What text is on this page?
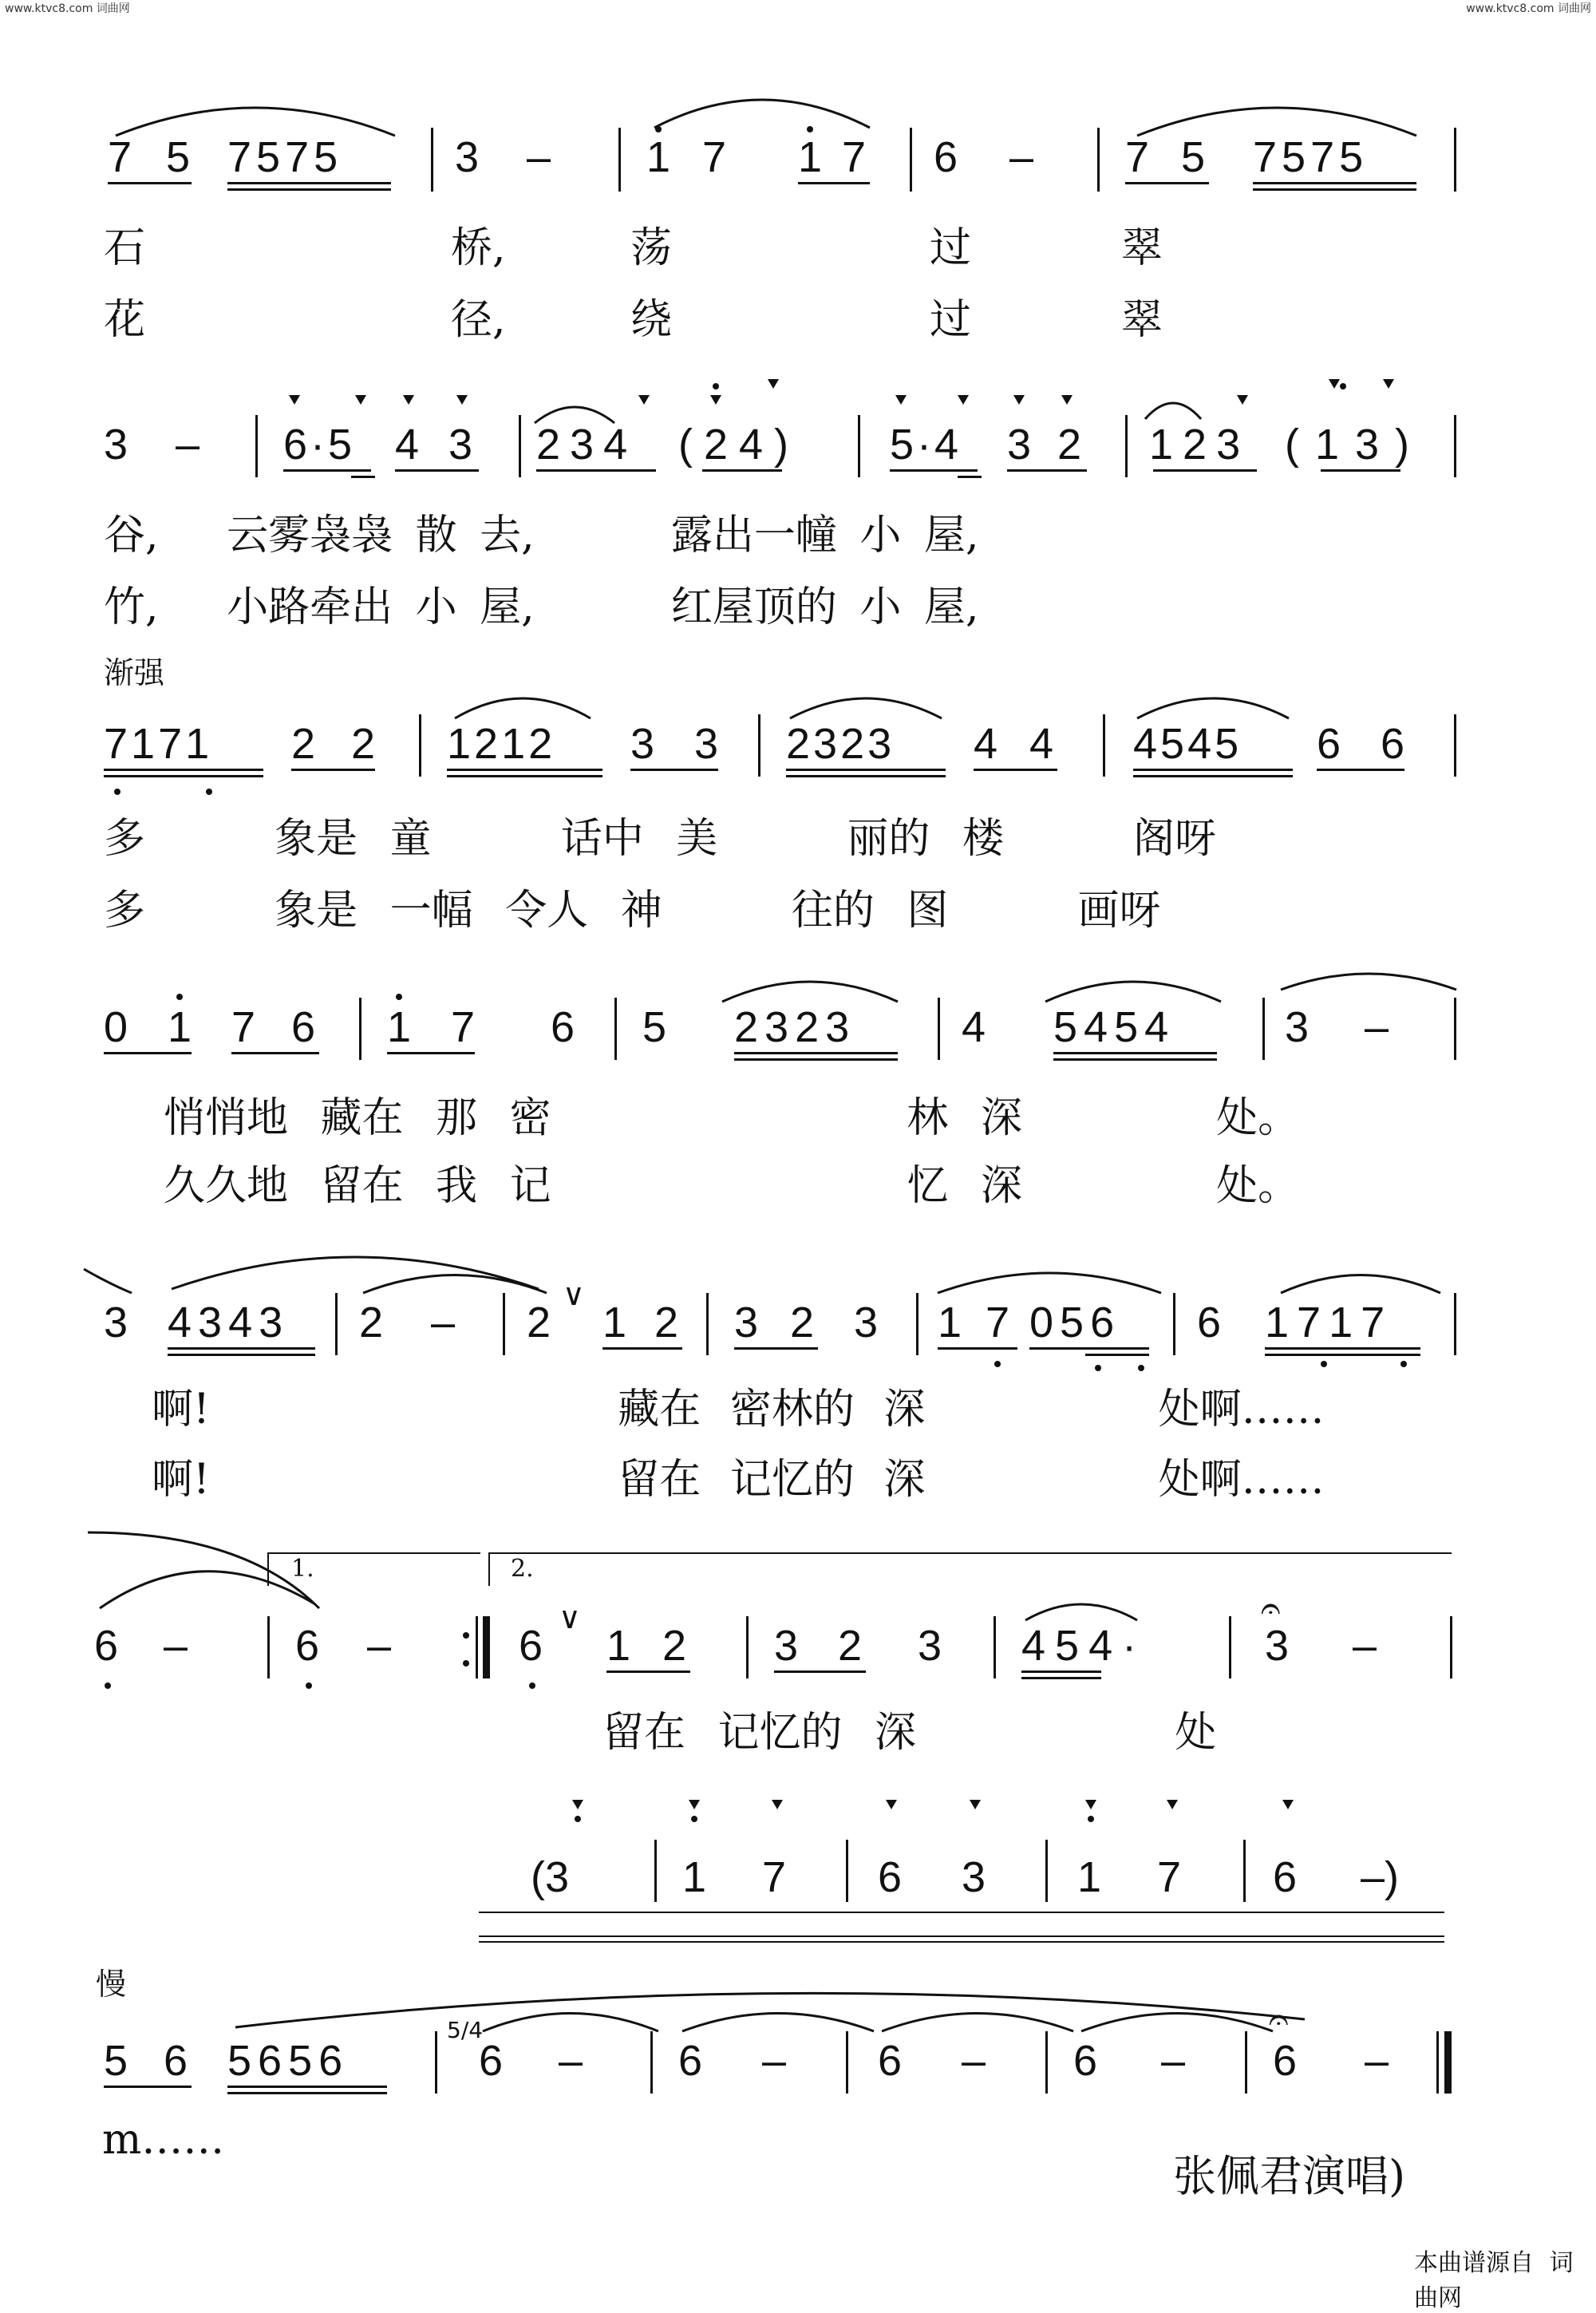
www.ktvc8.com 词曲网	www.ktvc8.com 词曲网
7 5 7575	3 – 1 7 1 7 6 – 7 5 7575
石	桥,	荡	过	翠
花	径,	绕	过	翠
3 – 6·5 4 3 234 (24) 5·4 3 2 123 (13)
谷,   云雾袅袅 散 去,      露出一幢 小 屋,
竹,   小路牵出 小 屋,      红屋顶的 小 屋,
渐强
7171 2 2 1212 3 3 2323 4 4 4545 6 6
多    象是 童    话中 美    丽的 楼    阁呀
多    象是 一幅 令人 神    往的 图    画呀
0 1 7 6 1 7 6 5 2323 4 5454	3 –
悄悄地 藏在 那 密           林 深      处。
久久地 留在 我 记           忆 深      处。
3 4343 2 – 2
∨
1 2 3 2 3 1 7 056 6 1717
啊!              藏在 密林的 深        处啊……
啊!              留在 记忆的 深        处啊……
1.	2.
6 – 6 –	6
∨
1 2 3 2 3 454·
𝄐
3 –
留在 记忆的 深        处
(3	1 7 6 3 1 7 6 –)
慢
5 6 5656
5/4
6 – 6 – 6 – 6 –
𝄐
6 –
m……
张佩君演唱)
本曲谱源自 词曲网
